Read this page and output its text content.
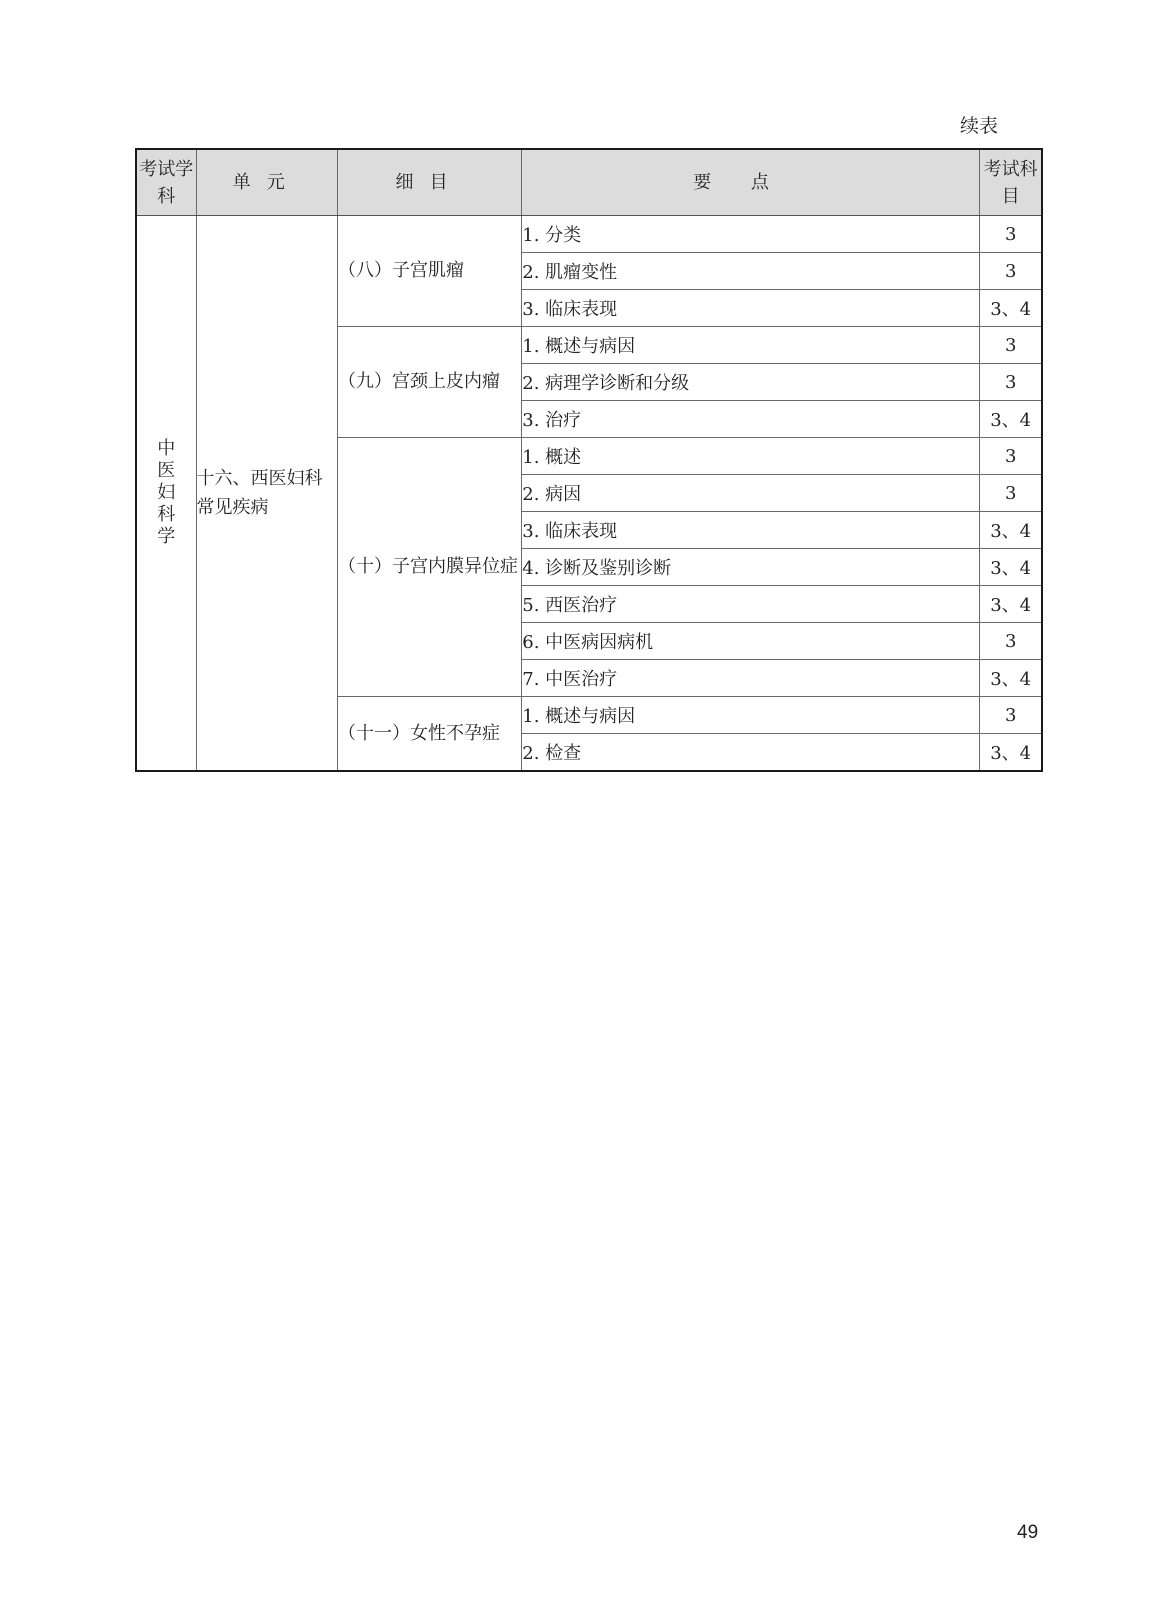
续表
考试学科	单元	细目	要点	考试科目
中医妇科学	十六、西医妇科常见疾病	（八）子宫肌瘤	1. 分类	3
			2. 肌瘤变性	3
			3. 临床表现	3、4
		（九）宫颈上皮内瘤	1. 概述与病因	3
			2. 病理学诊断和分级	3
			3. 治疗	3、4
		（十）子宫内膜异位症	1. 概述	3
			2. 病因	3
			3. 临床表现	3、4
			4. 诊断及鉴别诊断	3、4
			5. 西医治疗	3、4
			6. 中医病因病机	3
			7. 中医治疗	3、4
		（十一）女性不孕症	1. 概述与病因	3
			2. 检查	3、4
49
